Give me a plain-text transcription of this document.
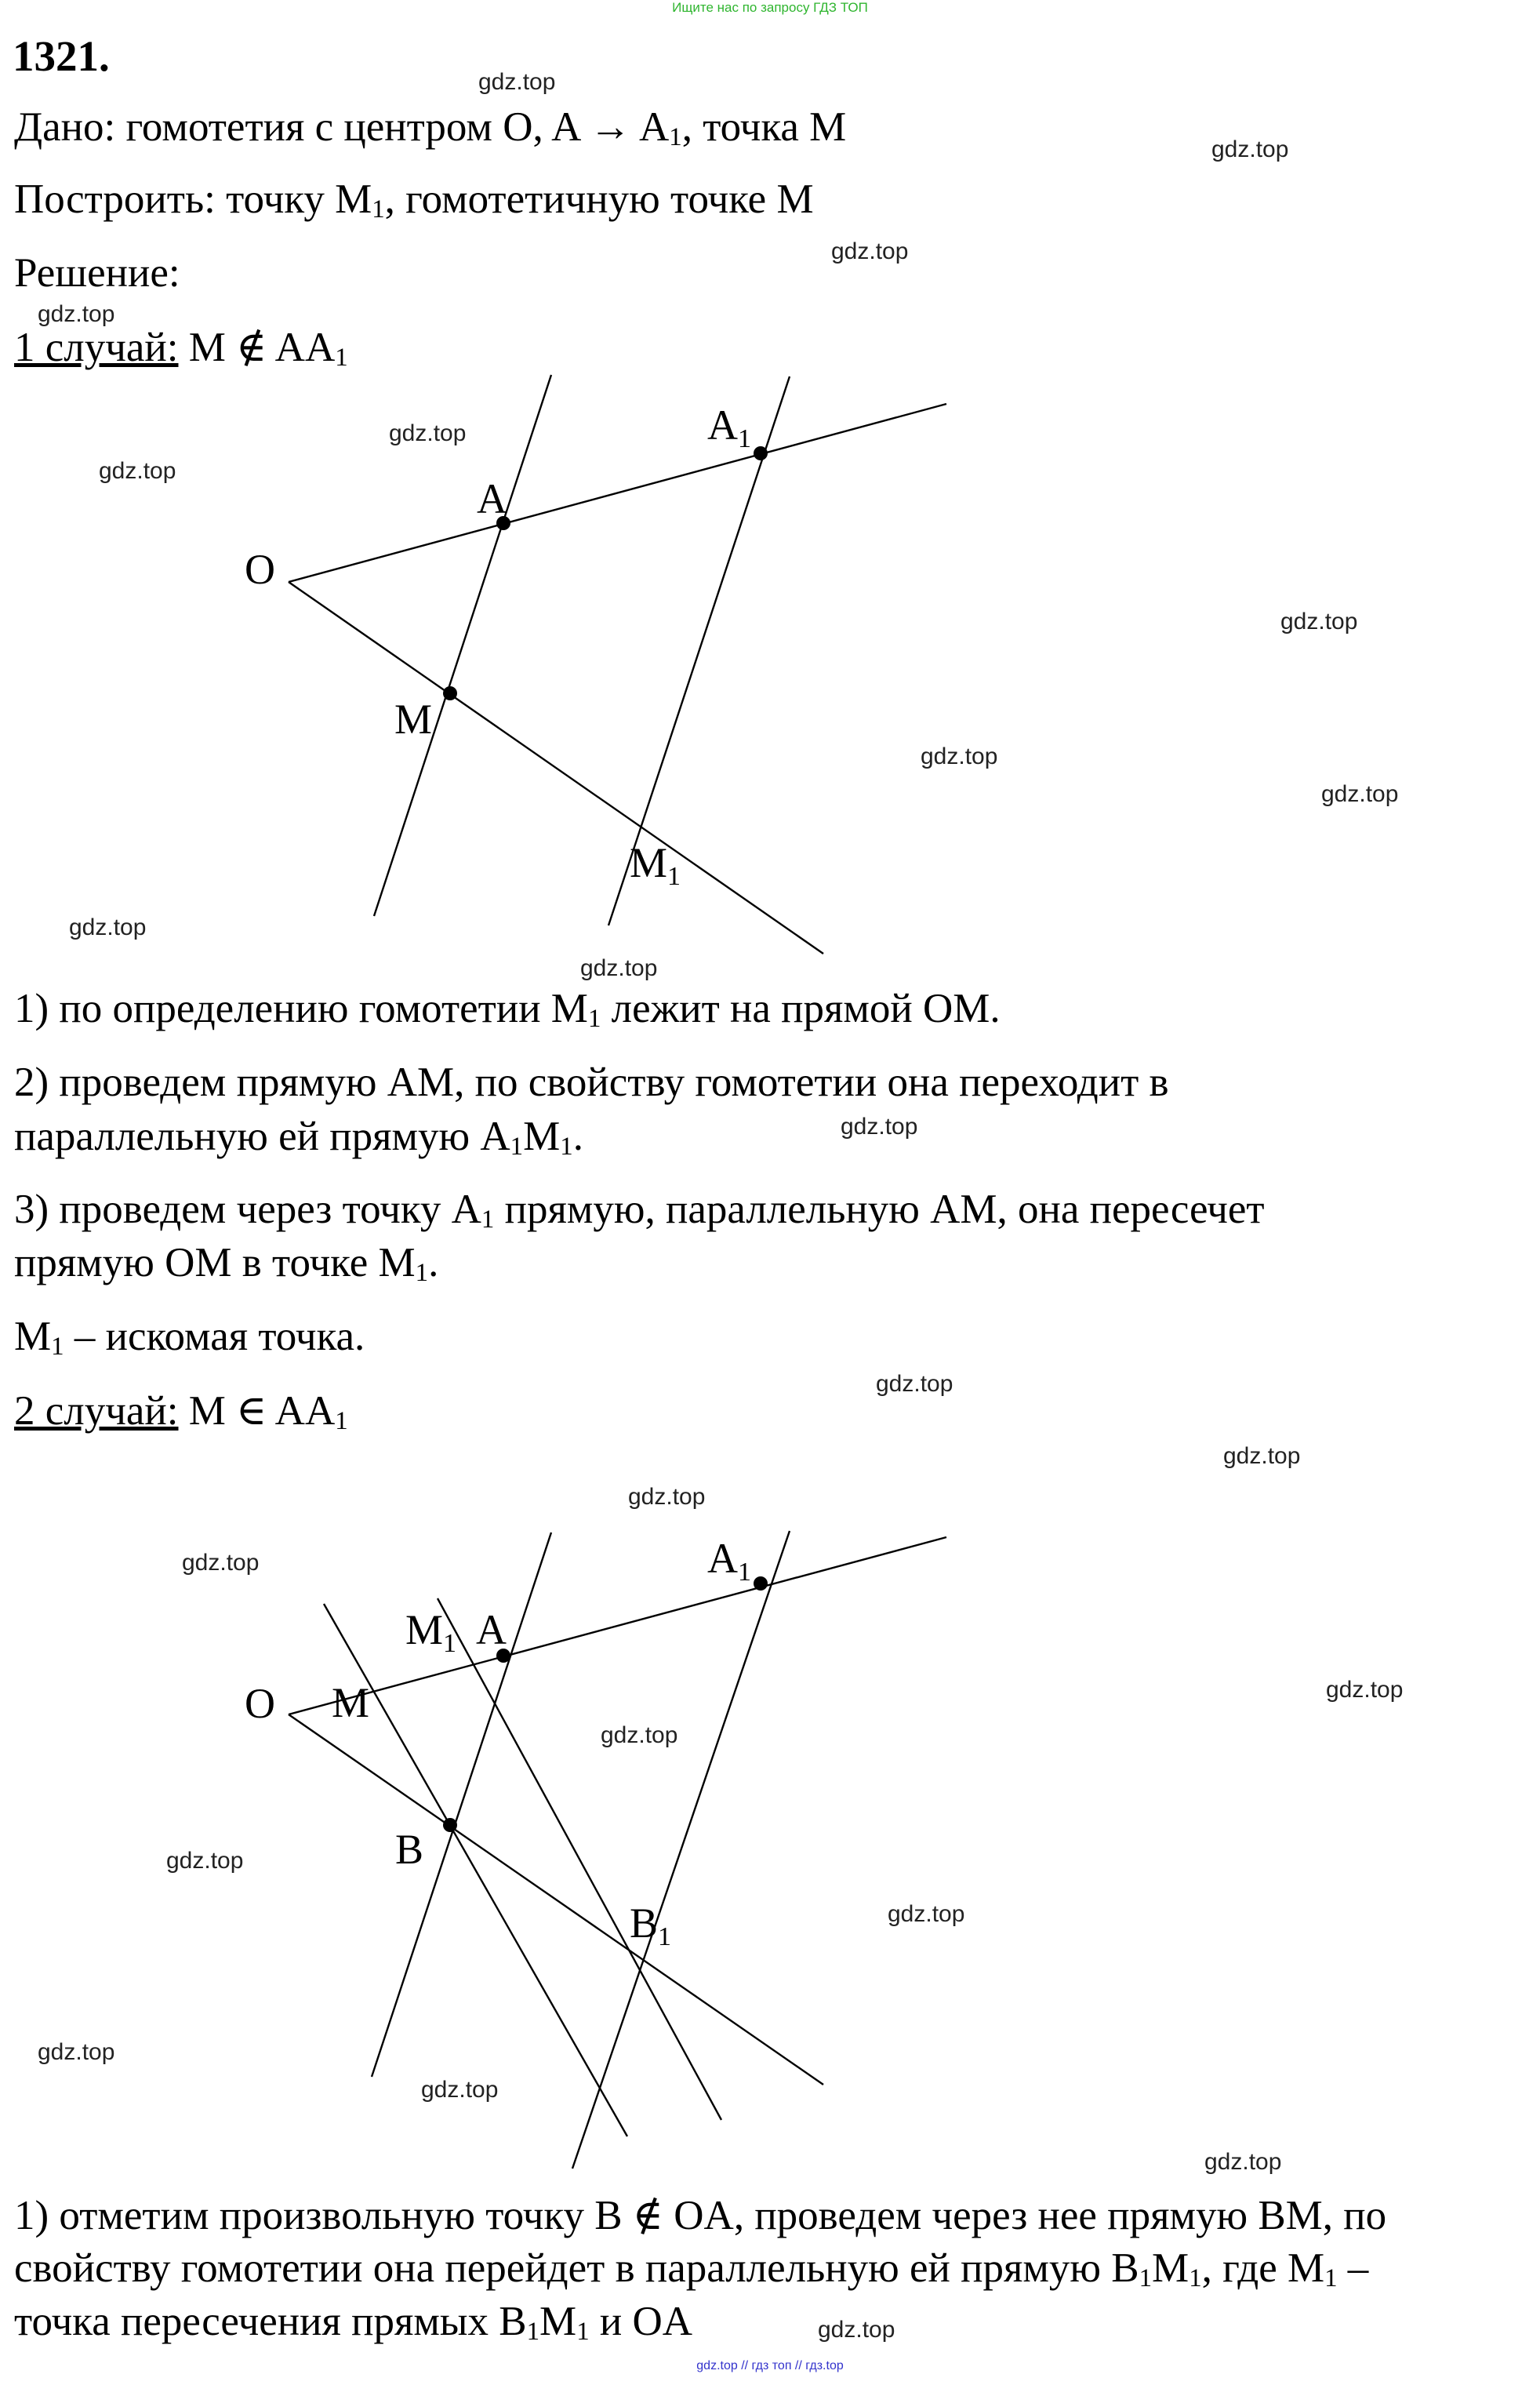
Ищите нас по запросу ГДЗ ТОП
gdz.top // гдз топ // гдз.top
1321.
Дано: гомотетия с центром O, $A \to A_1$, точка M
Построить: точку $M_1$, гомотетичную точке M
Решение:
1 случай: M ∉ $AA_1$
O
A
A1
M
M1
1) по определению гомотетии $M_1$ лежит на прямой OM.
2) проведем прямую AM, по свойству гомотетии она переходит в
параллельную ей прямую $A_1M_1$.
3) проведем через точку $A_1$ прямую, параллельную AM, она пересечет
прямую OM в точке $M_1$.
$M_1$ – искомая точка.
2 случай: M ∈ $AA_1$
O M
M1 A
A1
B
B1
1) отметим произвольную точку B ∉ OA, проведем через нее прямую BM, по
свойству гомотетии она перейдет в параллельную ей прямую $B_1M_1$, где $M_1$ –
точка пересечения прямых $B_1M_1$ и OA
gdz.top
gdz.top
gdz.top
gdz.top
gdz.top
gdz.top
gdz.top
gdz.top
gdz.top
gdz.top
gdz.top
gdz.top
gdz.top
gdz.top
gdz.top
gdz.top
gdz.top
gdz.top
gdz.top
gdz.top
gdz.top
gdz.top
gdz.top
gdz.top
